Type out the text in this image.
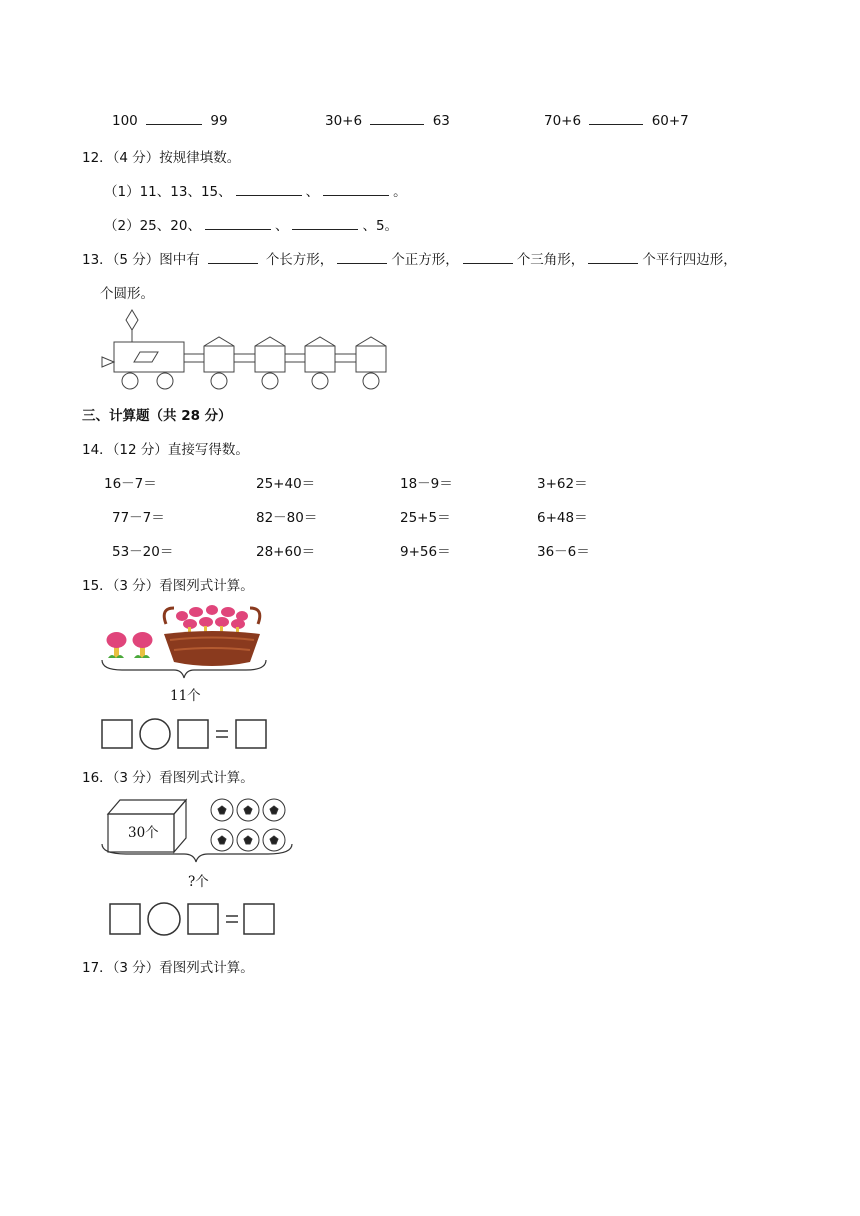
100	99	30+6	63	70+6	60+7
12．（4 分）按规律填数。
（1）11、13、15、	、	。
（2）25、20、	、	、5。
13．（5 分）图中有	个长方形，	个正方形，	个三角形，	个平行四边形，
个圆形。
三、计算题（共 28 分）
14．（12 分）直接写得数。
16－7＝	25+40＝	18－9＝	3+62＝
77－7＝	82－80＝	25+5＝	6+48＝
53－20＝	28+60＝	9+56＝	36－6＝
15．（3 分）看图列式计算。
11个
16．（3 分）看图列式计算。
30个
?个
17．（3 分）看图列式计算。
